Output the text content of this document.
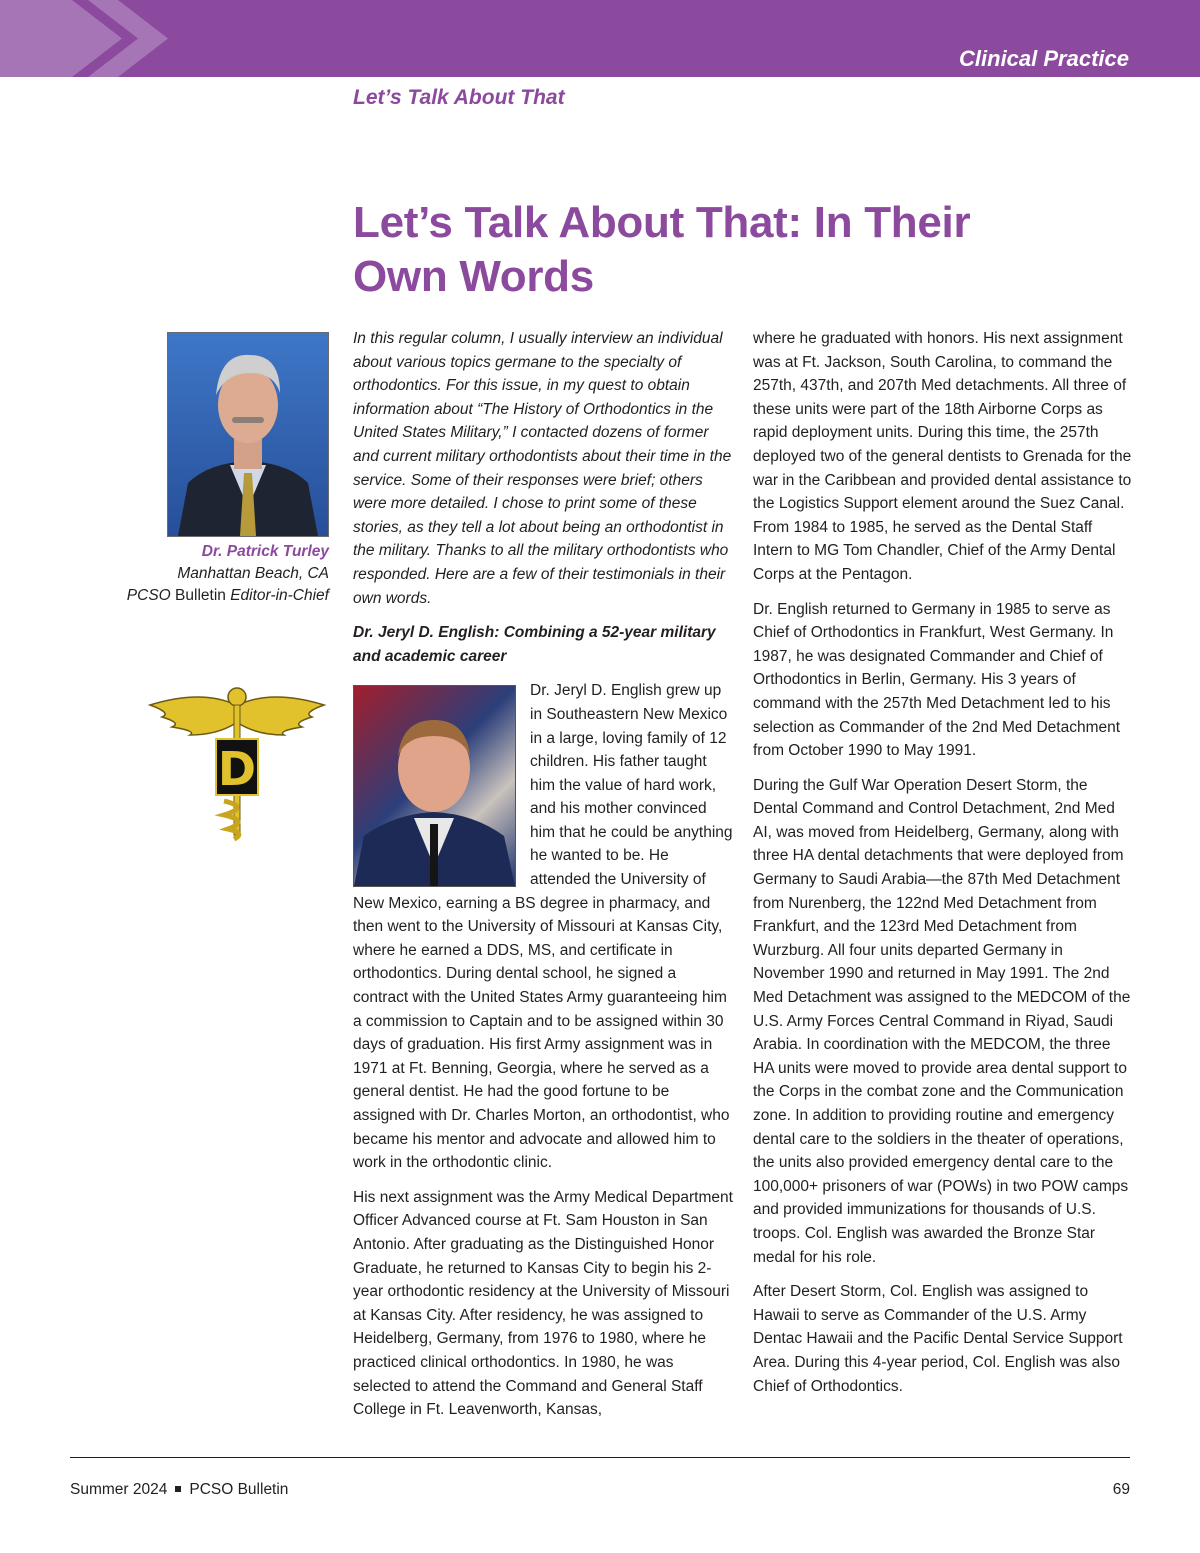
Clinical Practice
Let’s Talk About That
Let’s Talk About That: In Their Own Words
Dr. Patrick Turley
Manhattan Beach, CA
PCSO Bulletin Editor-in-Chief
D

In this regular column, I usually interview an individual about various topics germane to the specialty of orthodontics. For this issue, in my quest to obtain information about “The History of Orthodontics in the United States Military,” I contacted dozens of former and current military orthodontists about their time in the service. Some of their responses were brief; others were more detailed. I chose to print some of these stories, as they tell a lot about being an orthodontist in the military. Thanks to all the military orthodontists who responded. Here are a few of their testimonials in their own words.

Dr. Jeryl D. English: Combining a 52-year military and academic career

Dr. Jeryl D. English grew up in Southeastern New Mexico in a large, loving family of 12 children. His father taught him the value of hard work, and his mother convinced him that he could be anything he wanted to be. He attended the University of New Mexico, earning a BS degree in pharmacy, and then went to the University of Missouri at Kansas City, where he earned a DDS, MS, and certificate in orthodontics. During dental school, he signed a contract with the United States Army guaranteeing him a commission to Captain and to be assigned within 30 days of graduation. His first Army assignment was in 1971 at Ft. Benning, Georgia, where he served as a general dentist. He had the good fortune to be assigned with Dr. Charles Morton, an orthodontist, who became his mentor and advocate and allowed him to work in the orthodontic clinic.

His next assignment was the Army Medical Department Officer Advanced course at Ft. Sam Houston in San Antonio. After graduating as the Distinguished Honor Graduate, he returned to Kansas City to begin his 2-year orthodontic residency at the University of Missouri at Kansas City. After residency, he was assigned to Heidelberg, Germany, from 1976 to 1980, where he practiced clinical orthodontics. In 1980, he was selected to attend the Command and General Staff College in Ft. Leavenworth, Kansas,

where he graduated with honors. His next assignment was at Ft. Jackson, South Carolina, to command the 257th, 437th, and 207th Med detachments. All three of these units were part of the 18th Airborne Corps as rapid deployment units. During this time, the 257th deployed two of the general dentists to Grenada for the war in the Caribbean and provided dental assistance to the Logistics Support element around the Suez Canal. From 1984 to 1985, he served as the Dental Staff Intern to MG Tom Chandler, Chief of the Army Dental Corps at the Pentagon.

Dr. English returned to Germany in 1985 to serve as Chief of Orthodontics in Frankfurt, West Germany. In 1987, he was designated Commander and Chief of Orthodontics in Berlin, Germany. His 3 years of command with the 257th Med Detachment led to his selection as Commander of the 2nd Med Detachment from October 1990 to May 1991.

During the Gulf War Operation Desert Storm, the Dental Command and Control Detachment, 2nd Med AI, was moved from Heidelberg, Germany, along with three HA dental detachments that were deployed from Germany to Saudi Arabia—the 87th Med Detachment from Nurenberg, the 122nd Med Detachment from Frankfurt, and the 123rd Med Detachment from Wurzburg. All four units departed Germany in November 1990 and returned in May 1991. The 2nd Med Detachment was assigned to the MEDCOM of the U.S. Army Forces Central Command in Riyad, Saudi Arabia. In coordination with the MEDCOM, the three HA units were moved to provide area dental support to the Corps in the combat zone and the Communication zone. In addition to providing routine and emergency dental care to the soldiers in the theater of operations, the units also provided emergency dental care to the 100,000+ prisoners of war (POWs) in two POW camps and provided immunizations for thousands of U.S. troops. Col. English was awarded the Bronze Star medal for his role.

After Desert Storm, Col. English was assigned to Hawaii to serve as Commander of the U.S. Army Dentac Hawaii and the Pacific Dental Service Support Area. During this 4-year period, Col. English was also Chief of Orthodontics.

Summer 2024 PCSO Bulletin	69
